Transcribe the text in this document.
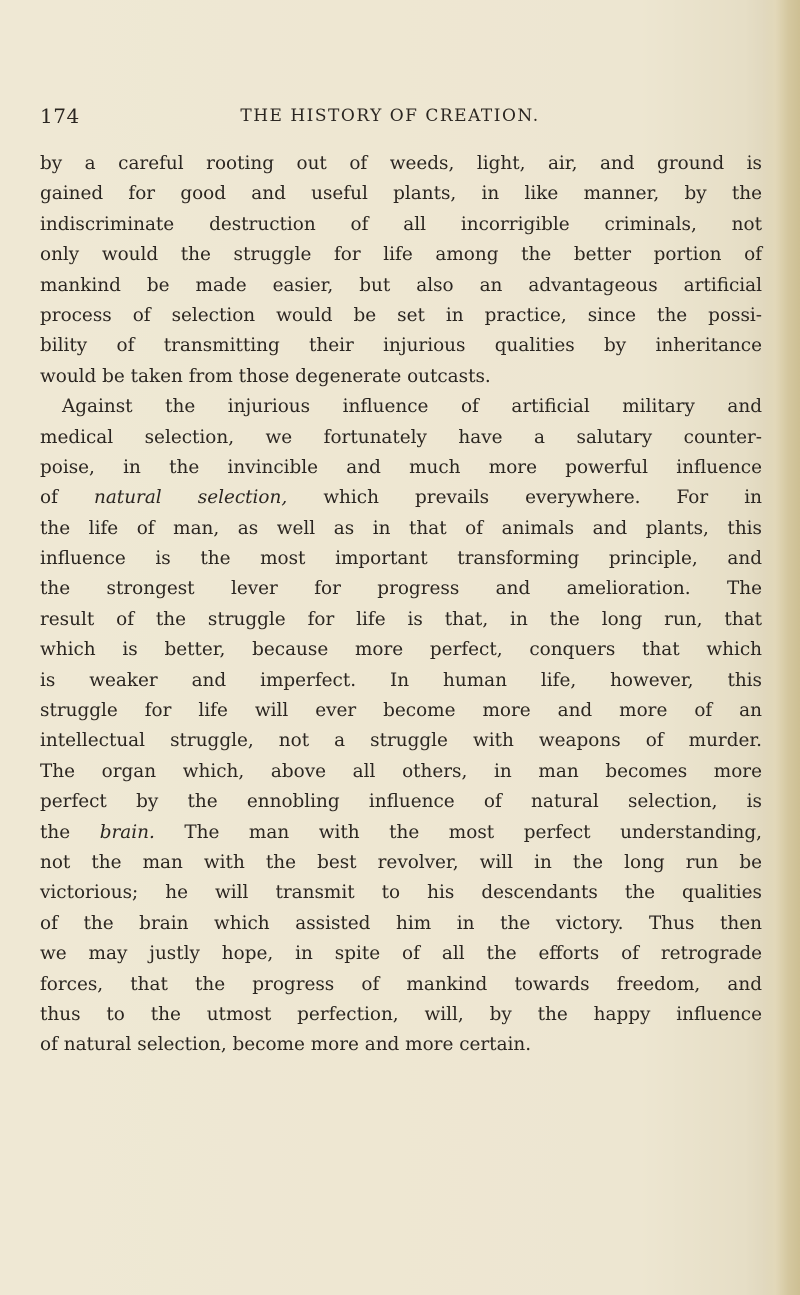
174	THE HISTORY OF CREATION.
by a careful rooting out of weeds, light, air, and ground is
gained for good and useful plants, in like manner, by the
indiscriminate destruction of all incorrigible criminals, not
only would the struggle for life among the better portion of
mankind be made easier, but also an advantageous artificial
process of selection would be set in practice, since the possi-
bility of transmitting their injurious qualities by inheritance
would be taken from those degenerate outcasts.
Against the injurious influence of artificial military and
medical selection, we fortunately have a salutary counter-
poise, in the invincible and much more powerful influence
of natural selection, which prevails everywhere. For in
the life of man, as well as in that of animals and plants, this
influence is the most important transforming principle, and
the strongest lever for progress and amelioration. The
result of the struggle for life is that, in the long run, that
which is better, because more perfect, conquers that which
is weaker and imperfect. In human life, however, this
struggle for life will ever become more and more of an
intellectual struggle, not a struggle with weapons of murder.
The organ which, above all others, in man becomes more
perfect by the ennobling influence of natural selection, is
the brain. The man with the most perfect understanding,
not the man with the best revolver, will in the long run be
victorious; he will transmit to his descendants the qualities
of the brain which assisted him in the victory. Thus then
we may justly hope, in spite of all the efforts of retrograde
forces, that the progress of mankind towards freedom, and
thus to the utmost perfection, will, by the happy influence
of natural selection, become more and more certain.
